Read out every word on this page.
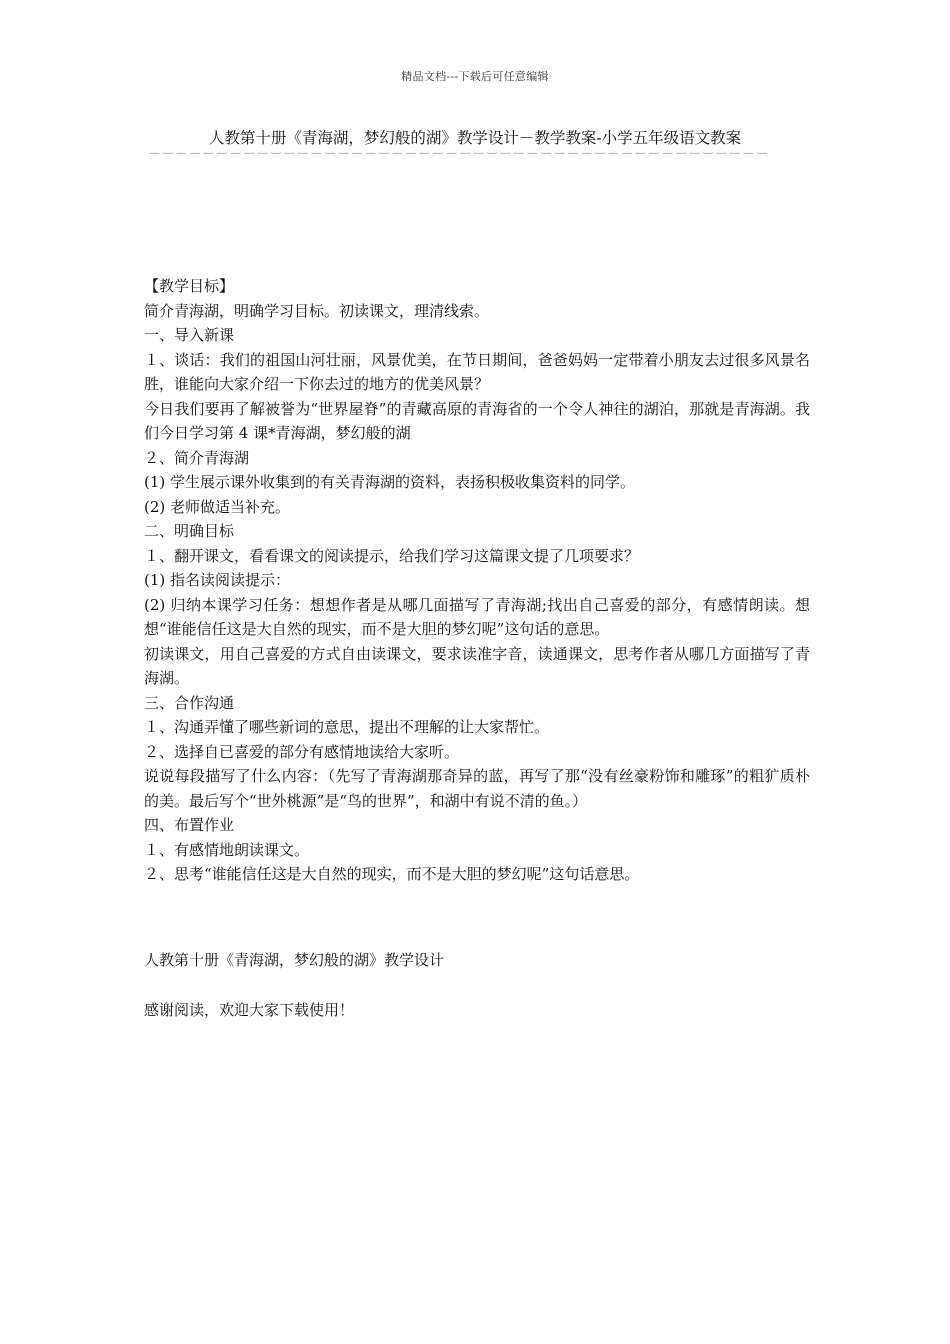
精品文档---下载后可任意编辑
人教第十册《青海湖，梦幻般的湖》教学设计－教学教案-小学五年级语文教案
－－－－－－－－－－－－－－－－－－－－－－－－－－－－－－－－－－－－－－－－－－－－－－

【教学目标】

简介青海湖，明确学习目标。初读课文，理清线索。

一、导入新课

１、谈话：我们的祖国山河壮丽，风景优美，在节日期间，爸爸妈妈一定带着小朋友去过很多风景名胜，谁能向大家介绍一下你去过的地方的优美风景？

今日我们要再了解被誉为“世界屋脊”的青藏高原的青海省的一个令人神往的湖泊，那就是青海湖。我们今日学习第 4 课*青海湖，梦幻般的湖

２、简介青海湖

(1) 学生展示课外收集到的有关青海湖的资料，表扬积极收集资料的同学。

(2) 老师做适当补充。

二、明确目标

１、翻开课文，看看课文的阅读提示，给我们学习这篇课文提了几项要求？

(1) 指名读阅读提示：

(2) 归纳本课学习任务：想想作者是从哪几面描写了青海湖;找出自己喜爱的部分，有感情朗读。想想“谁能信任这是大自然的现实，而不是大胆的梦幻呢”这句话的意思。

初读课文，用自己喜爱的方式自由读课文，要求读准字音，读通课文，思考作者从哪几方面描写了青海湖。

三、合作沟通

１、沟通弄懂了哪些新词的意思，提出不理解的让大家帮忙。

２、选择自已喜爱的部分有感情地读给大家听。

说说每段描写了什么内容：（先写了青海湖那奇异的蓝，再写了那“没有丝豪粉饰和雕琢”的粗犷质朴的美。最后写个“世外桃源”是“鸟的世界”，和湖中有说不清的鱼。）

四、布置作业

１、有感情地朗读课文。

２、思考“谁能信任这是大自然的现实，而不是大胆的梦幻呢”这句话意思。

人教第十册《青海湖，梦幻般的湖》教学设计

感谢阅读，欢迎大家下载使用！
